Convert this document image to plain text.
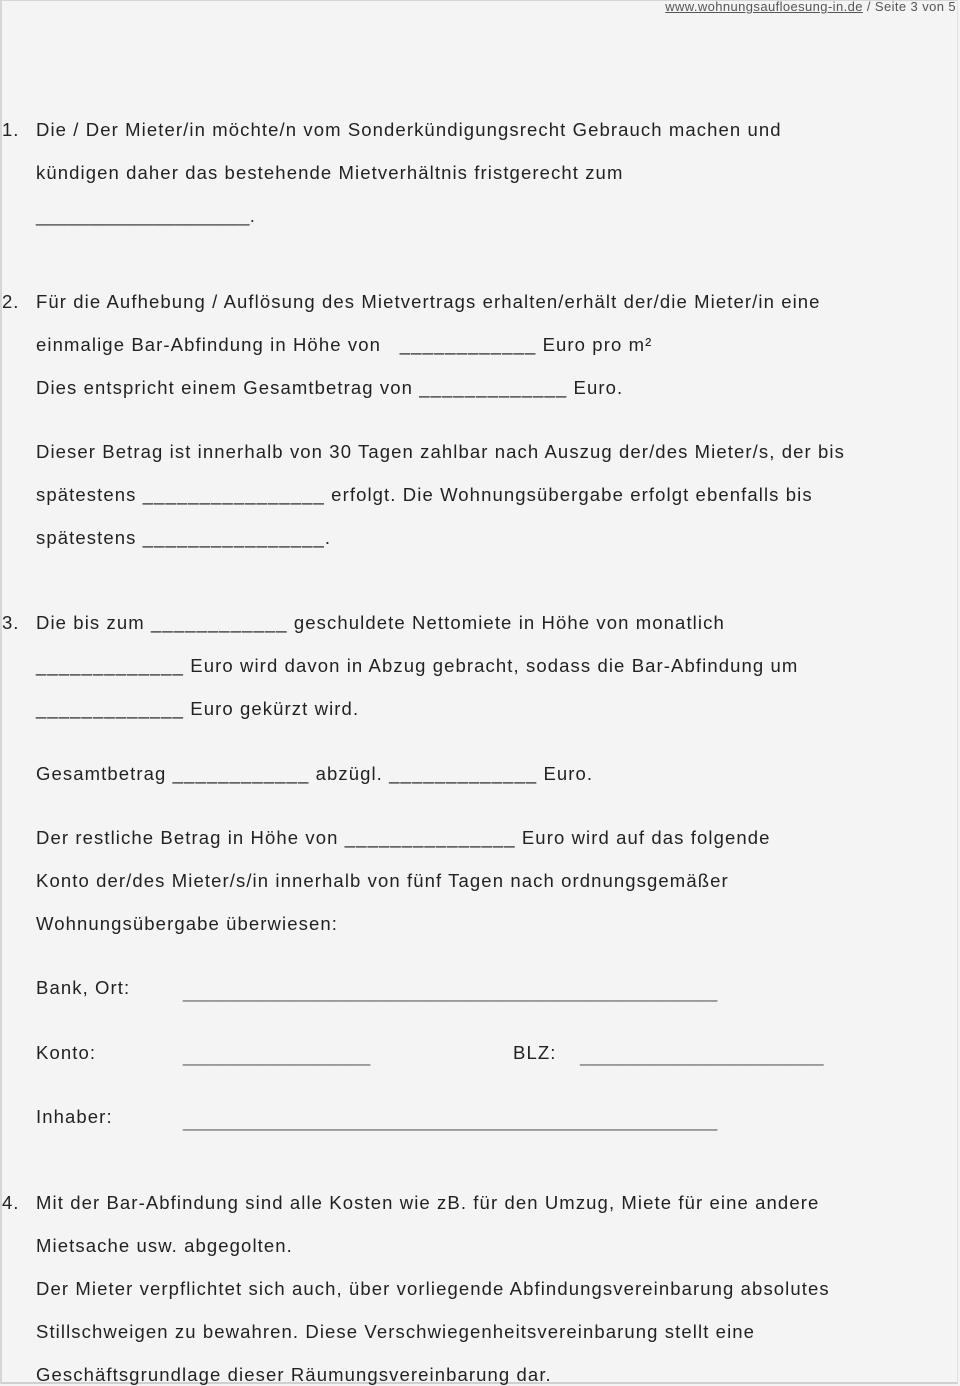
www.wohnungsaufloesung-in.de / Seite 3 von 5
1. Die / Der Mieter/in möchte/n vom Sonderkündigungsrecht Gebrauch machen und
kündigen daher das bestehende Mietverhältnis fristgerecht zum
____________________.
2. Für die Aufhebung / Auflösung des Mietvertrags erhalten/erhält der/die Mieter/in eine
einmalige Bar-Abfindung in Höhe von   ____________ Euro pro m²
Dies entspricht einem Gesamtbetrag von _____________ Euro.
Dieser Betrag ist innerhalb von 30 Tagen zahlbar nach Auszug der/des Mieter/s, der bis
spätestens ________________ erfolgt. Die Wohnungsübergabe erfolgt ebenfalls bis
spätestens ________________.
3. Die bis zum ____________ geschuldete Nettomiete in Höhe von monatlich
_____________ Euro wird davon in Abzug gebracht, sodass die Bar-Abfindung um
_____________ Euro gekürzt wird.
Gesamtbetrag ____________ abzügl. _____________ Euro.
Der restliche Betrag in Höhe von _______________ Euro wird auf das folgende
Konto der/des Mieter/s/in innerhalb von fünf Tagen nach ordnungsgemäßer
Wohnungsübergabe überwiesen:
Bank, Ort:	_________________________________________________________
Konto:	____________________	BLZ: __________________________
Inhaber:	_________________________________________________________
4. Mit der Bar-Abfindung sind alle Kosten wie zB. für den Umzug, Miete für eine andere
Mietsache usw. abgegolten.
Der Mieter verpflichtet sich auch, über vorliegende Abfindungsvereinbarung absolutes
Stillschweigen zu bewahren. Diese Verschwiegenheitsvereinbarung stellt eine
Geschäftsgrundlage dieser Räumungsvereinbarung dar.
